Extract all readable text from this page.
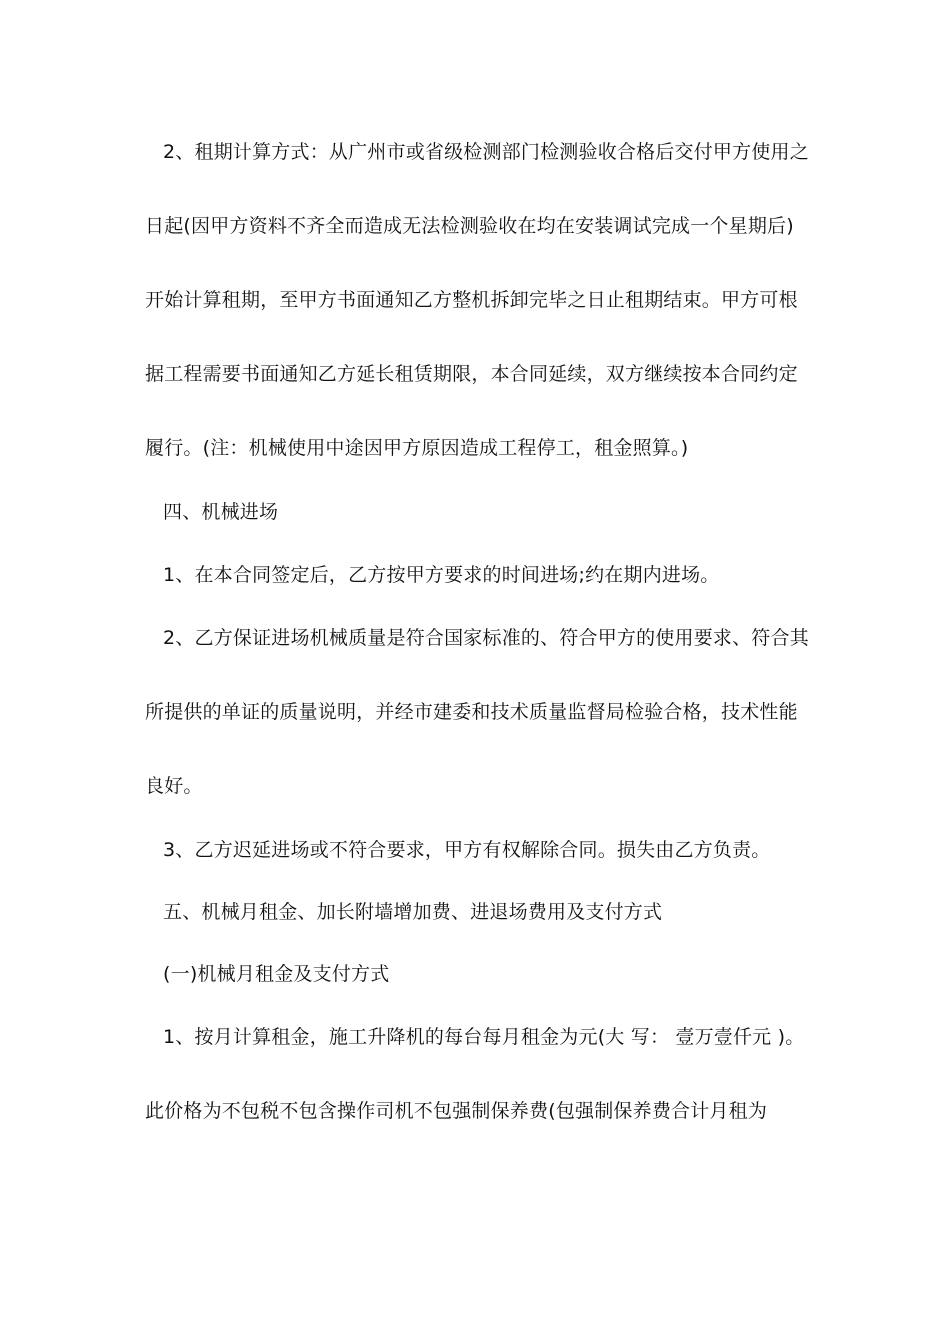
2、租期计算方式：从广州市或省级检测部门检测验收合格后交付甲方使用之
日起(因甲方资料不齐全而造成无法检测验收在均在安装调试完成一个星期后)
开始计算租期，至甲方书面通知乙方整机拆卸完毕之日止租期结束。甲方可根
据工程需要书面通知乙方延长租赁期限，本合同延续，双方继续按本合同约定
履行。(注：机械使用中途因甲方原因造成工程停工，租金照算。)
四、机械进场
1、在本合同签定后，乙方按甲方要求的时间进场;约在期内进场。
2、乙方保证进场机械质量是符合国家标准的、符合甲方的使用要求、符合其
所提供的单证的质量说明，并经市建委和技术质量监督局检验合格，技术性能
良好。
3、乙方迟延进场或不符合要求，甲方有权解除合同。损失由乙方负责。
五、机械月租金、加长附墙增加费、进退场费用及支付方式
(一)机械月租金及支付方式
1、按月计算租金，施工升降机的每台每月租金为元(大 写： 壹万壹仟元 )。
此价格为不包税不包含操作司机不包强制保养费(包强制保养费合计月租为
